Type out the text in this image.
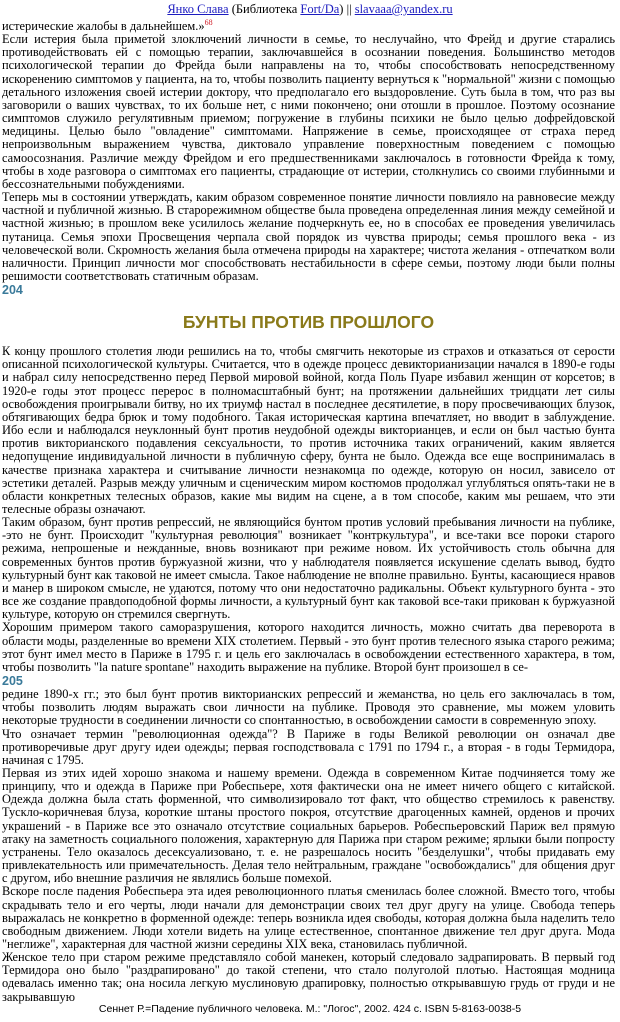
Янко Слава (Библиотека Fort/Da) || slavaaa@yandex.ru

истерические жалобы в дальнейшем.»$^{68}$

Если истерия была приметой злоключений личности в семье, то неслучайно, что Фрейд и другие старались противодействовать ей с помощью терапии, заключавшейся в осознании поведения. Большинство методов психологической терапии до Фрейда были направлены на то, чтобы способствовать непосредственному искоренению симптомов у пациента, на то, чтобы позволить пациенту вернуться к "нормальной" жизни с помощью детального изложения своей истерии доктору, что предполагало его выздоровление. Суть была в том, что раз вы заговорили о ваших чувствах, то их больше нет, с ними покончено; они отошли в прошлое. Поэтому осознание симптомов служило регулятивным приемом; погружение в глубины психики не было целью дофрейдовской медицины. Целью было "овладение" симптомами. Напряжение в семье, происходящее от страха перед непроизвольным выражением чувства, диктовало управление поверхностным поведением с помощью самоосознания. Различие между Фрейдом и его предшественниками заключалось в готовности Фрейда к тому, чтобы в ходе разговора о симптомах его пациенты, страдающие от истерии, столкнулись со своими глубинными и бессознательными побуждениями.

Теперь мы в состоянии утверждать, каким образом современное понятие личности повлияло на равновесие между частной и публичной жизнью. В старорежимном обществе была проведена определенная линия между семейной и частной жизнью; в прошлом веке усилилось желание подчеркнуть ее, но в способах ее проведения увеличилась путаница. Семья эпохи Просвещения черпала свой порядок из чувства природы; семья прошлого века - из человеческой воли. Скромность желания была отмечена природы на характере; чистота желания - отпечатком воли наличности. Принцип личности мог способствовать нестабильности в сфере семьи, поэтому люди были полны решимости соответствовать статичным образам.

204
БУНТЫ ПРОТИВ ПРОШЛОГО

К концу прошлого столетия люди решились на то, чтобы смягчить некоторые из страхов и отказаться от серости описанной психологической культуры. Считается, что в одежде процесс девикторианизации начался в 1890-е годы и набрал силу непосредственно перед Первой мировой войной, когда Поль Пуаре избавил женщин от корсетов; в 1920-е годы этот процесс перерос в полномасштабный бунт; на протяжении дальнейших тридцати лет силы освобождения проигрывали битву, но их триумф настал в последнее десятилетие, в пору просвечивающих блузок, обтягивающих бедра брюк и тому подобного. Такая историческая картина впечатляет, но вводит в заблуждение. Ибо если и наблюдался неуклонный бунт против неудобной одежды викторианцев, и если он был частью бунта против викторианского подавления сексуальности, то против источника таких ограничений, каким является недопущение индивидуальной личности в публичную сферу, бунта не было. Одежда все еще воспринималась в качестве признака характера и считывание личности незнакомца по одежде, которую он носил, зависело от эстетики деталей. Разрыв между уличным и сценическим миром костюмов продолжал углубляться опять-таки не в области конкретных телесных образов, какие мы видим на сцене, а в том способе, каким мы решаем, что эти телесные образы означают.

Таким образом, бунт против репрессий, не являющийся бунтом против условий пребывания личности на публике, -это не бунт. Происходит "культурная революция" возникает "контркультура", и все-таки все пороки старого режима, непрошеные и нежданные, вновь возникают при режиме новом. Их устойчивость столь обычна для современных бунтов против буржуазной жизни, что у наблюдателя появляется искушение сделать вывод, будто культурный бунт как таковой не имеет смысла. Такое наблюдение не вполне правильно. Бунты, касающиеся нравов и манер в широком смысле, не удаются, потому что они недостаточно радикальны. Объект культурного бунта - это все же создание правдоподобной формы личности, а культурный бунт как таковой все-таки прикован к буржуазной культуре, которую он стремился свергнуть.

Хорошим примером такого саморазрушения, которого находится личность, можно считать два переворота в области моды, разделенные во времени XIX столетием. Первый - это бунт против телесного языка старого режима; этот бунт имел место в Париже в 1795 г. и цель его заключалась в освобождении естественного характера, в том, чтобы позволить "la nature spontane" находить выражение на публике. Второй бунт произошел в се-

205

редине 1890-х гг.; это был бунт против викторианских репрессий и жеманства, но цель его заключалась в том, чтобы позволить людям выражать свои личности на публике. Проводя это сравнение, мы можем уловить некоторые трудности в соединении личности со спонтанностью, в освобождении самости в современную эпоху.

Что означает термин "революционная одежда"? В Париже в годы Великой революции он означал две противоречивые друг другу идеи одежды; первая господствовала с 1791 по 1794 г., а вторая - в годы Термидора, начиная с 1795.

Первая из этих идей хорошо знакома и нашему времени. Одежда в современном Китае подчиняется тому же принципу, что и одежда в Париже при Робеспьере, хотя фактически она не имеет ничего общего с китайской. Одежда должна была стать форменной, что символизировало тот факт, что общество стремилось к равенству. Тускло-коричневая блуза, короткие штаны простого покроя, отсутствие драгоценных камней, орденов и прочих украшений - в Париже все это означало отсутствие социальных барьеров. Робеспьеровский Париж вел прямую атаку на заметность социального положения, характерную для Парижа при старом режиме; ярлыки были попросту устранены. Тело оказалось десексуализовано, т. е. не разрешалось носить "безделушки", чтобы придавать ему привлекательность или примечательность. Делая тело нейтральным, граждане "освобождались" для общения друг с другом, ибо внешние различия не являлись больше помехой.

Вскоре после падения Робеспьера эта идея революционного платья сменилась более сложной. Вместо того, чтобы скрадывать тело и его черты, люди начали для демонстрации своих тел друг другу на улице. Свобода теперь выражалась не конкретно в форменной одежде: теперь возникла идея свободы, которая должна была наделить тело свободным движением. Люди хотели видеть на улице естественное, спонтанное движение тел друг друга. Мода "неглиже", характерная для частной жизни середины XIX века, становилась публичной.

Женское тело при старом режиме представляло собой манекен, который следовало задрапировать. В первый год Термидора оно было "раздрапировано" до такой степени, что стало полуголой плотью. Настоящая модница одевалась именно так; она носила легкую муслиновую драпировку, полностью открывавшую грудь от груди и не закрывавшую

Сеннет Р.=Падение публичного человека. М.: "Логос", 2002. 424 с. ISBN 5-8163-0038-5
